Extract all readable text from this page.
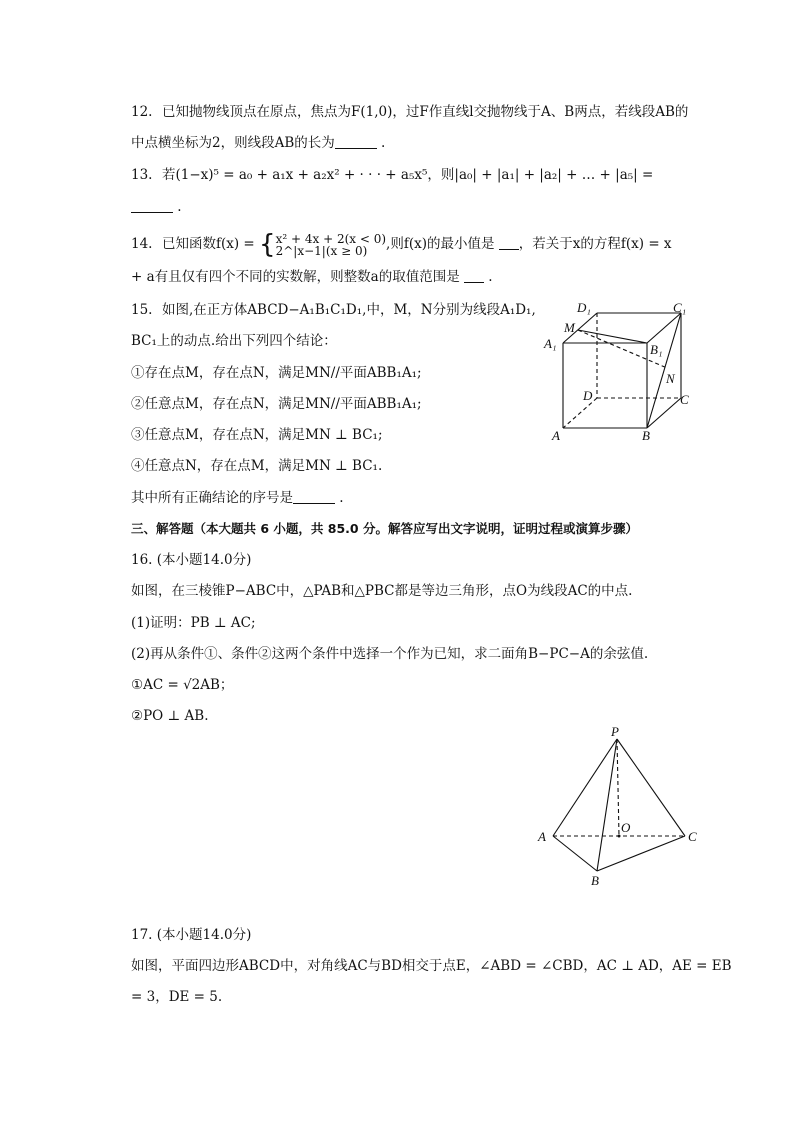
12. 已知抛物线顶点在原点，焦点为F(1,0)，过F作直线l交抛物线于A、B两点，若线段AB的
中点横坐标为2，则线段AB的长为	.
13. 若(1−x)⁵ = a₀ + a₁x + a₂x² + · · · + a₅x⁵，则|a₀| + |a₁| + |a₂| + … + |a₅| =
.
14. 已知函数f(x) = { x² + 4x + 2(x < 0)
2^|x−1|(x ≥ 0)	,则f(x)的最小值是 ，若关于x的方程f(x) = x
+ a有且仅有四个不同的实数解，则整数a的取值范围是  .
15. 如图,在正方体ABCD−A₁B₁C₁D₁,中，M，N分别为线段A₁D₁,
BC₁上的动点.给出下列四个结论：
①存在点M，存在点N，满足MN//平面ABB₁A₁;
②任意点M，存在点N，满足MN//平面ABB₁A₁;
③任意点M，存在点N，满足MN ⊥ BC₁;
④任意点N，存在点M，满足MN ⊥ BC₁.
其中所有正确结论的序号是	.
D₁	C₁
M
A₁	B₁
N
D	C
A	B
三、解答题（本大题共 6 小题，共 85.0 分。解答应写出文字说明，证明过程或演算步骤）
16. (本小题14.0分)
如图，在三棱锥P−ABC中，△PAB和△PBC都是等边三角形，点O为线段AC的中点.
(1)证明：PB ⊥ AC;
(2)再从条件①、条件②这两个条件中选择一个作为已知，求二面角B−PC−A的余弦值.
①AC = √2AB；
②PO ⊥ AB.
P
A
O
C
B
17. (本小题14.0分)
如图，平面四边形ABCD中，对角线AC与BD相交于点E，∠ABD = ∠CBD，AC ⊥ AD，AE = EB
= 3，DE = 5.
